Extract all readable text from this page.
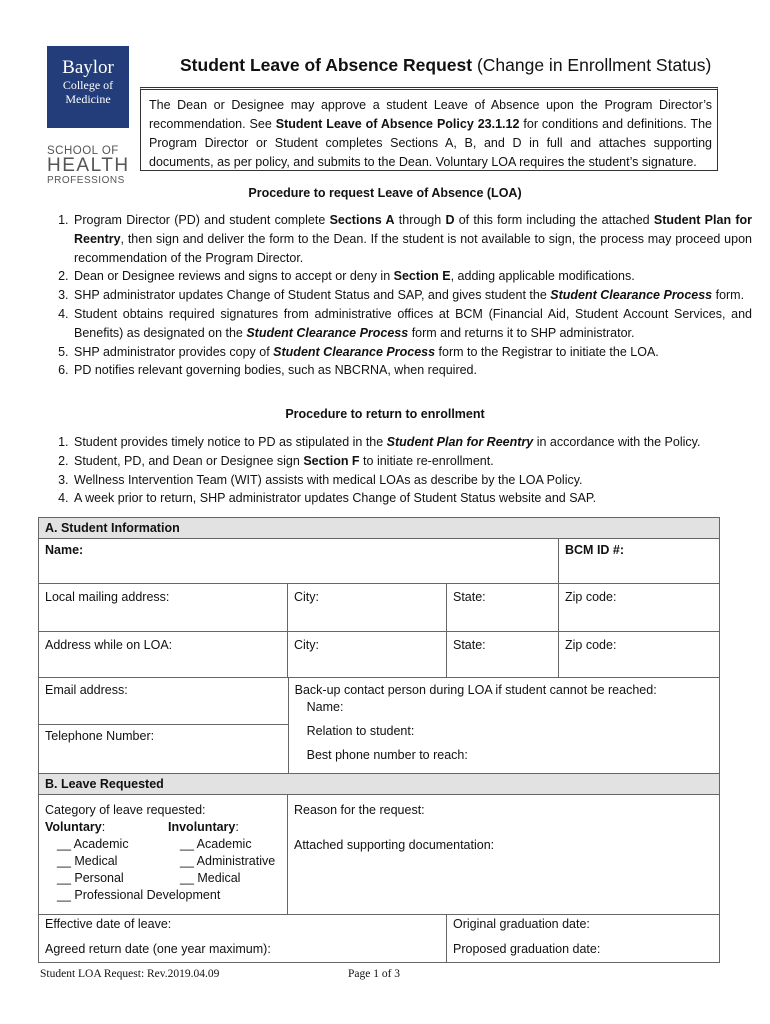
Baylor
College of
Medicine
SCHOOL OF
HEALTH
PROFESSIONS
Student Leave of Absence Request (Change in Enrollment Status)
The Dean or Designee may approve a student Leave of Absence upon the Program Director’s recommendation. See Student Leave of Absence Policy 23.1.12 for conditions and definitions. The Program Director or Student completes Sections A, B, and D in full and attaches supporting documents, as per policy, and submits to the Dean. Voluntary LOA requires the student’s signature.
Procedure to request Leave of Absence (LOA)
1. Program Director (PD) and student complete Sections A through D of this form including the attached Student Plan for Reentry, then sign and deliver the form to the Dean. If the student is not available to sign, the process may proceed upon recommendation of the Program Director.
2. Dean or Designee reviews and signs to accept or deny in Section E, adding applicable modifications.
3. SHP administrator updates Change of Student Status and SAP, and gives student the Student Clearance Process form.
4. Student obtains required signatures from administrative offices at BCM (Financial Aid, Student Account Services, and Benefits) as designated on the Student Clearance Process form and returns it to SHP administrator.
5. SHP administrator provides copy of Student Clearance Process form to the Registrar to initiate the LOA.
6. PD notifies relevant governing bodies, such as NBCRNA, when required.
Procedure to return to enrollment
1. Student provides timely notice to PD as stipulated in the Student Plan for Reentry in accordance with the Policy.
2. Student, PD, and Dean or Designee sign Section F to initiate re-enrollment.
3. Wellness Intervention Team (WIT) assists with medical LOAs as describe by the LOA Policy.
4. A week prior to return, SHP administrator updates Change of Student Status website and SAP.
A. Student Information
Name:	BCM ID #:
Local mailing address:	City:	State:	Zip code:
Address while on LOA:	City:	State:	Zip code:
Email address:
Telephone Number:
Back-up contact person during LOA if student cannot be reached:
Name:
Relation to student:
Best phone number to reach:
B. Leave Requested
Category of leave requested:
Voluntary:
__ Academic
__ Medical
__ Personal
__ Professional Development
Involuntary:
__ Academic
__ Administrative
__ Medical
Reason for the request:
Attached supporting documentation:
Effective date of leave:
Agreed return date (one year maximum):
Original graduation date:
Proposed graduation date:
Student LOA Request: Rev.2019.04.09	Page 1 of 3
